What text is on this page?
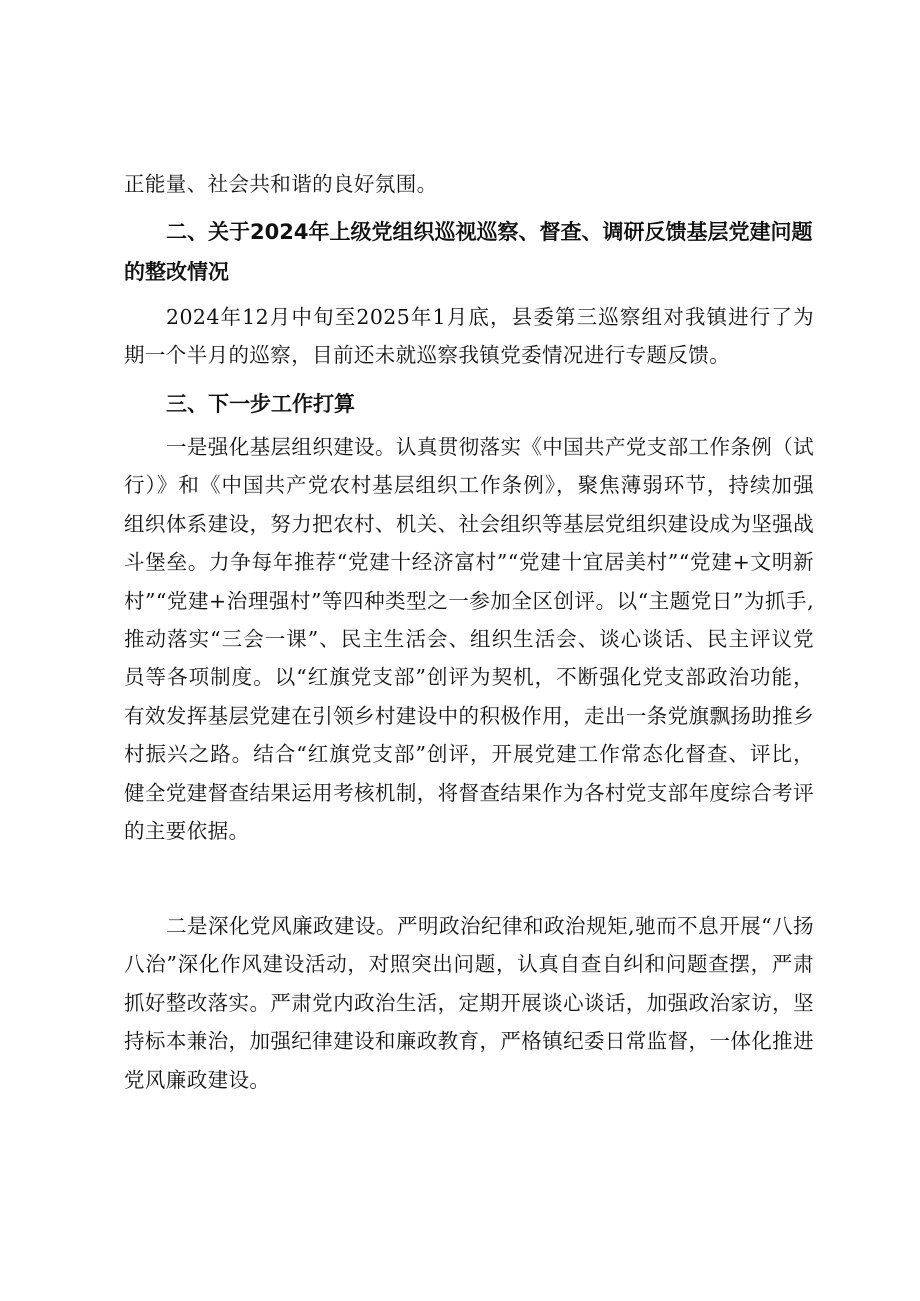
正能量、社会共和谐的良好氛围。

二、关于2024年上级党组织巡视巡察、督查、调研反馈基层党建问题的整改情况

2024年12月中旬至2025年1月底，县委第三巡察组对我镇进行了为期一个半月的巡察，目前还未就巡察我镇党委情况进行专题反馈。

三、下一步工作打算

一是强化基层组织建设。认真贯彻落实《中国共产党支部工作条例（试行）》和《中国共产党农村基层组织工作条例》，聚焦薄弱环节，持续加强组织体系建设，努力把农村、机关、社会组织等基层党组织建设成为坚强战斗堡垒。力争每年推荐“党建十经济富村”“党建十宜居美村”“党建+文明新村”“党建+治理强村”等四种类型之一参加全区创评。以“主题党日”为抓手,推动落实“三会一课”、民主生活会、组织生活会、谈心谈话、民主评议党员等各项制度。以“红旗党支部”创评为契机，不断强化党支部政治功能，有效发挥基层党建在引领乡村建设中的积极作用，走出一条党旗飘扬助推乡村振兴之路。结合“红旗党支部”创评，开展党建工作常态化督查、评比，健全党建督查结果运用考核机制，将督查结果作为各村党支部年度综合考评的主要依据。

二是深化党风廉政建设。严明政治纪律和政治规矩,驰而不息开展“八扬八治”深化作风建设活动，对照突出问题，认真自查自纠和问题查摆，严肃抓好整改落实。严肃党内政治生活，定期开展谈心谈话，加强政治家访，坚持标本兼治，加强纪律建设和廉政教育，严格镇纪委日常监督，一体化推进党风廉政建设。
